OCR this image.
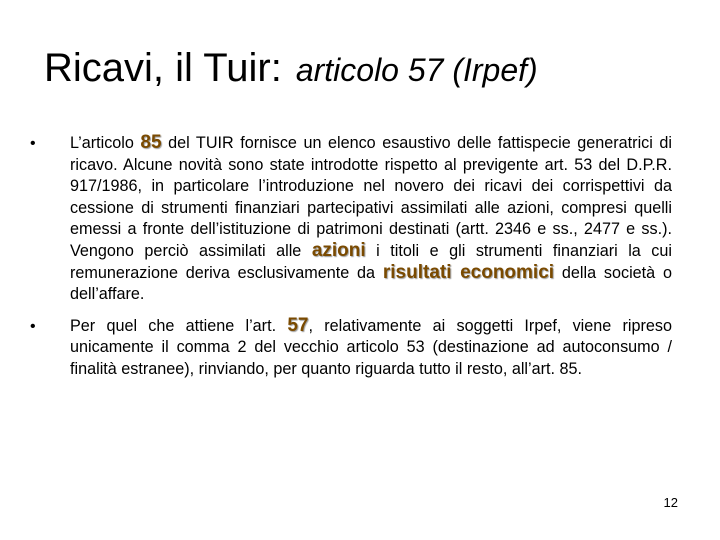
Ricavi, il Tuir: articolo 57 (Irpef)
• L’articolo 85 del TUIR fornisce un elenco esaustivo delle fattispecie generatrici di ricavo. Alcune novità sono state introdotte rispetto al previgente art. 53 del D.P.R. 917/1986, in particolare l’introduzione nel novero dei ricavi dei corrispettivi da cessione di strumenti finanziari partecipativi assimilati alle azioni, compresi quelli emessi a fronte dell’istituzione di patrimoni destinati (artt. 2346 e ss., 2477 e ss.). Vengono perciò assimilati alle azioni i titoli e gli strumenti finanziari la cui remunerazione deriva esclusivamente da risultati economici della società o dell’affare.
• Per quel che attiene l’art. 57, relativamente ai soggetti Irpef, viene ripreso unicamente il comma 2 del vecchio articolo 53 (destinazione ad autoconsumo / finalità estranee), rinviando, per quanto riguarda tutto il resto, all’art. 85.
12
